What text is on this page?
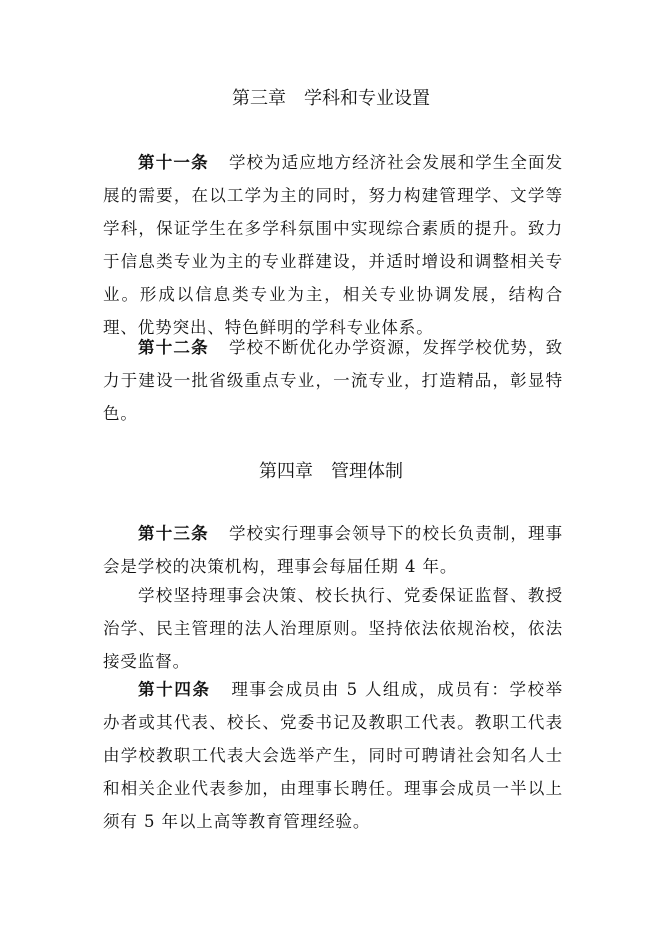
第三章　学科和专业设置
第十一条 学校为适应地方经济社会发展和学生全面发展的需要，在以工学为主的同时，努力构建管理学、文学等学科，保证学生在多学科氛围中实现综合素质的提升。致力于信息类专业为主的专业群建设，并适时增设和调整相关专业。形成以信息类专业为主，相关专业协调发展，结构合理、优势突出、特色鲜明的学科专业体系。
第十二条 学校不断优化办学资源，发挥学校优势，致力于建设一批省级重点专业，一流专业，打造精品，彰显特色。
第四章　管理体制
第十三条 学校实行理事会领导下的校长负责制，理事会是学校的决策机构，理事会每届任期 4 年。
学校坚持理事会决策、校长执行、党委保证监督、教授治学、民主管理的法人治理原则。坚持依法依规治校，依法接受监督。
第十四条 理事会成员由 5 人组成，成员有：学校举办者或其代表、校长、党委书记及教职工代表。教职工代表由学校教职工代表大会选举产生，同时可聘请社会知名人士和相关企业代表参加，由理事长聘任。理事会成员一半以上须有 5 年以上高等教育管理经验。
